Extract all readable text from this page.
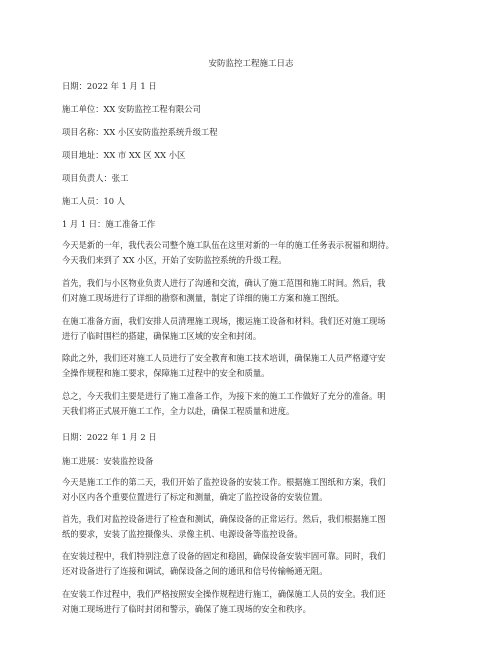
安防监控工程施工日志
日期：2022 年 1 月 1 日
施工单位：XX 安防监控工程有限公司
项目名称：XX 小区安防监控系统升级工程
项目地址：XX 市 XX 区 XX 小区
项目负责人：张工
施工人员：10 人
1 月 1 日：施工准备工作
今天是新的一年，我代表公司整个施工队伍在这里对新的一年的施工任务表示祝福和期待。
今天我们来到了 XX 小区，开始了安防监控系统的升级工程。
首先，我们与小区物业负责人进行了沟通和交流，确认了施工范围和施工时间。然后，我
们对施工现场进行了详细的勘察和测量，制定了详细的施工方案和施工图纸。
在施工准备方面，我们安排人员清理施工现场，搬运施工设备和材料。我们还对施工现场
进行了临时围栏的搭建，确保施工区域的安全和封闭。
除此之外，我们还对施工人员进行了安全教育和施工技术培训，确保施工人员严格遵守安
全操作规程和施工要求，保障施工过程中的安全和质量。
总之，今天我们主要是进行了施工准备工作，为接下来的施工工作做好了充分的准备。明
天我们将正式展开施工工作，全力以赴，确保工程质量和进度。
日期：2022 年 1 月 2 日
施工进展：安装监控设备
今天是施工工作的第二天，我们开始了监控设备的安装工作。根据施工图纸和方案，我们
对小区内各个重要位置进行了标定和测量，确定了监控设备的安装位置。
首先，我们对监控设备进行了检查和测试，确保设备的正常运行。然后，我们根据施工图
纸的要求，安装了监控摄像头、录像主机、电源设备等监控设备。
在安装过程中，我们特别注意了设备的固定和稳固，确保设备安装牢固可靠。同时，我们
还对设备进行了连接和调试，确保设备之间的通讯和信号传输畅通无阻。
在安装工作过程中，我们严格按照安全操作规程进行施工，确保施工人员的安全。我们还
对施工现场进行了临时封闭和警示，确保了施工现场的安全和秩序。
